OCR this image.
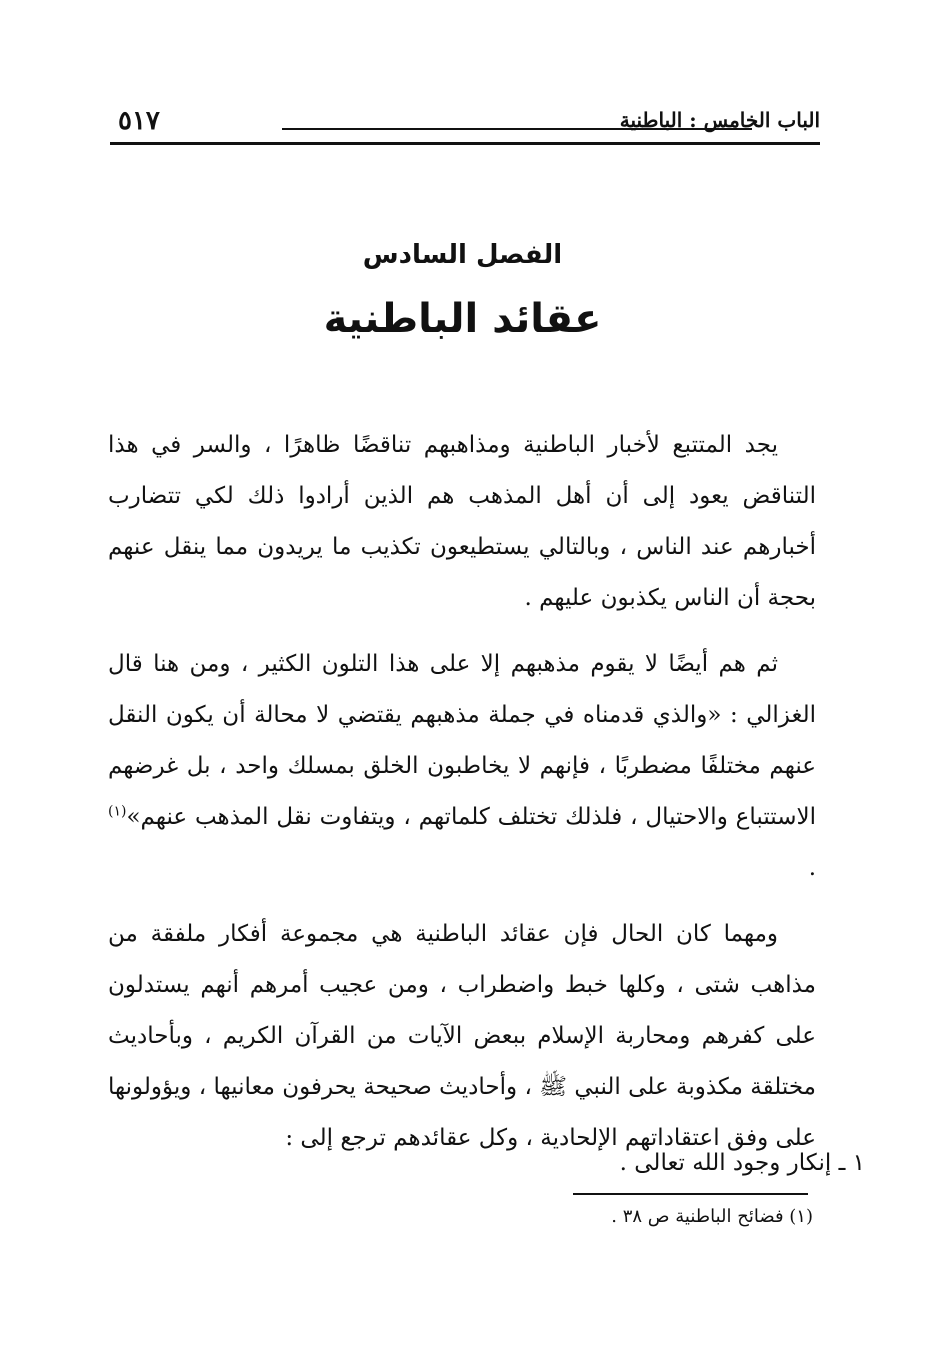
٥١٧	الباب الخامس : الباطنية
الفصل السادس
عقائد الباطنية

يجد المتتبع لأخبار الباطنية ومذاهبهم تناقضًا ظاهرًا ، والسر في هذا التناقض يعود إلى أن أهل المذهب هم الذين أرادوا ذلك لكي تتضارب أخبارهم عند الناس ، وبالتالي يستطيعون تكذيب ما يريدون مما ينقل عنهم بحجة أن الناس يكذبون عليهم .

ثم هم أيضًا لا يقوم مذهبهم إلا على هذا التلون الكثير ، ومن هنا قال الغزالي : «والذي قدمناه في جملة مذهبهم يقتضي لا محالة أن يكون النقل عنهم مختلفًا مضطربًا ، فإنهم لا يخاطبون الخلق بمسلك واحد ، بل غرضهم الاستتباع والاحتيال ، فلذلك تختلف كلماتهم ، ويتفاوت نقل المذهب عنهم»$^{(١)}$ .

ومهما كان الحال فإن عقائد الباطنية هي مجموعة أفكار ملفقة من مذاهب شتى ، وكلها خبط واضطراب ، ومن عجيب أمرهم أنهم يستدلون على كفرهم ومحاربة الإسلام ببعض الآيات من القرآن الكريم ، وبأحاديث مختلقة مكذوبة على النبي ﷺ ، وأحاديث صحيحة يحرفون معانيها ، ويؤولونها على وفق اعتقاداتهم الإلحادية ، وكل عقائدهم ترجع إلى :

١ ـ إنكار وجود الله تعالى .
(١) فضائح الباطنية ص ٣٨ .
